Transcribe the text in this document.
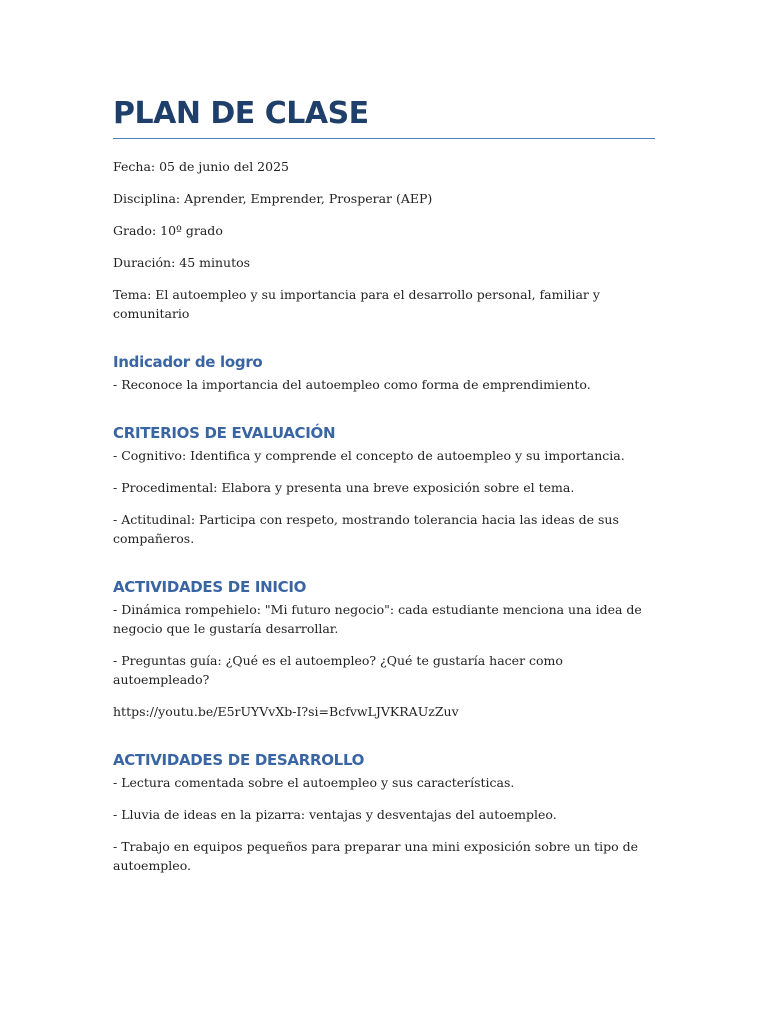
PLAN DE CLASE

Fecha: 05 de junio del 2025

Disciplina: Aprender, Emprender, Prosperar (AEP)

Grado: 10º grado

Duración: 45 minutos

Tema: El autoempleo y su importancia para el desarrollo personal, familiar y comunitario

Indicador de logro

- Reconoce la importancia del autoempleo como forma de emprendimiento.

CRITERIOS DE EVALUACIÓN

- Cognitivo: Identifica y comprende el concepto de autoempleo y su importancia.

- Procedimental: Elabora y presenta una breve exposición sobre el tema.

- Actitudinal: Participa con respeto, mostrando tolerancia hacia las ideas de sus compañeros.

ACTIVIDADES DE INICIO

- Dinámica rompehielo: "Mi futuro negocio": cada estudiante menciona una idea de negocio que le gustaría desarrollar.

- Preguntas guía: ¿Qué es el autoempleo? ¿Qué te gustaría hacer como autoempleado?

https://youtu.be/E5rUYVvXb-I?si=BcfvwLJVKRAUzZuv

ACTIVIDADES DE DESARROLLO

- Lectura comentada sobre el autoempleo y sus características.

- Lluvia de ideas en la pizarra: ventajas y desventajas del autoempleo.

- Trabajo en equipos pequeños para preparar una mini exposición sobre un tipo de autoempleo.
